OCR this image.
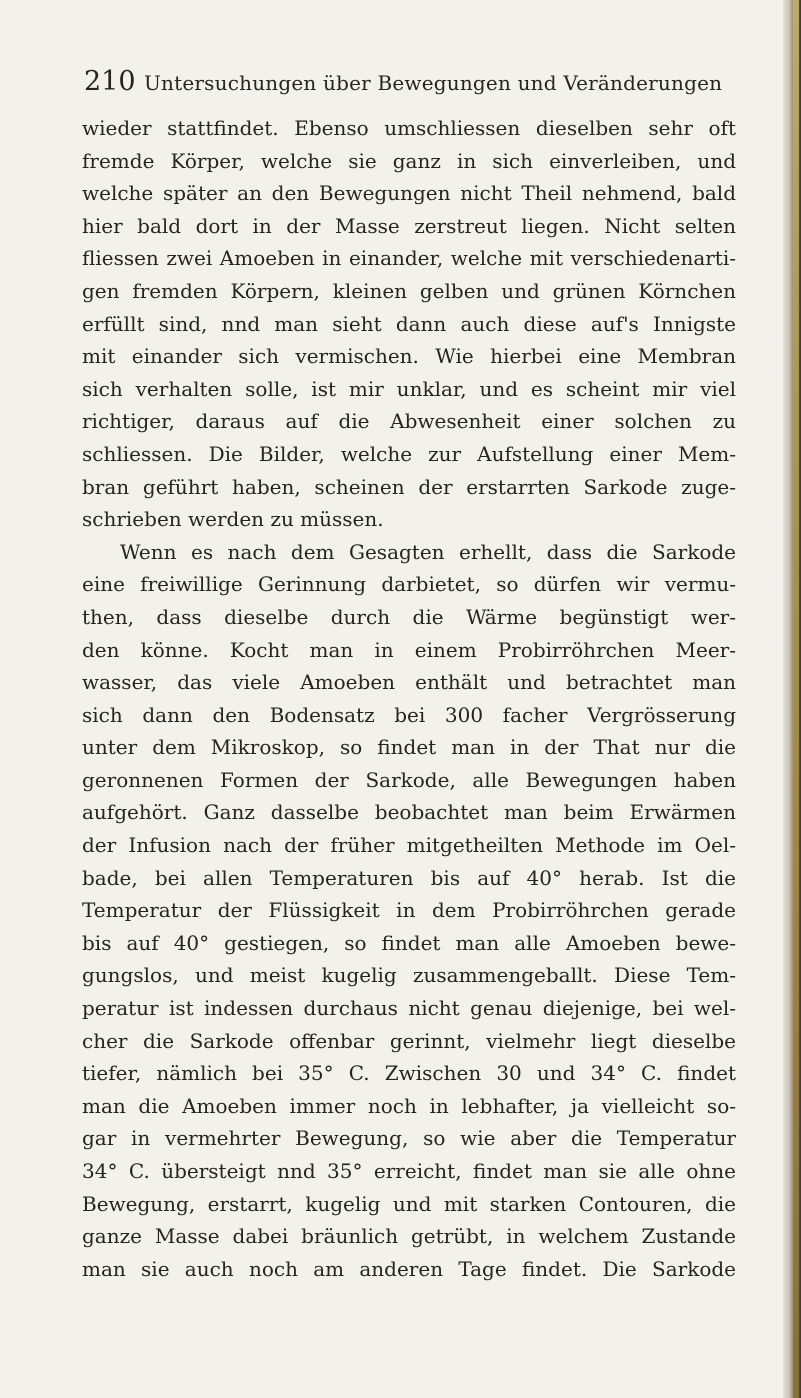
210 Untersuchungen über Bewegungen und Veränderungen
wieder stattfindet. Ebenso umschliessen dieselben sehr oft
fremde Körper, welche sie ganz in sich einverleiben, und
welche später an den Bewegungen nicht Theil nehmend, bald
hier bald dort in der Masse zerstreut liegen. Nicht selten
fliessen zwei Amoeben in einander, welche mit verschiedenarti-
gen fremden Körpern, kleinen gelben und grünen Körnchen
erfüllt sind, nnd man sieht dann auch diese auf's Innigste
mit einander sich vermischen. Wie hierbei eine Membran
sich verhalten solle, ist mir unklar, und es scheint mir viel
richtiger, daraus auf die Abwesenheit einer solchen zu
schliessen. Die Bilder, welche zur Aufstellung einer Mem-
bran geführt haben, scheinen der erstarrten Sarkode zuge-
schrieben werden zu müssen.
Wenn es nach dem Gesagten erhellt, dass die Sarkode
eine freiwillige Gerinnung darbietet, so dürfen wir vermu-
then, dass dieselbe durch die Wärme begünstigt wer-
den könne. Kocht man in einem Probirröhrchen Meer-
wasser, das viele Amoeben enthält und betrachtet man
sich dann den Bodensatz bei 300 facher Vergrösserung
unter dem Mikroskop, so findet man in der That nur die
geronnenen Formen der Sarkode, alle Bewegungen haben
aufgehört. Ganz dasselbe beobachtet man beim Erwärmen
der Infusion nach der früher mitgetheilten Methode im Oel-
bade, bei allen Temperaturen bis auf 40° herab. Ist die
Temperatur der Flüssigkeit in dem Probirröhrchen gerade
bis auf 40° gestiegen, so findet man alle Amoeben bewe-
gungslos, und meist kugelig zusammengeballt. Diese Tem-
peratur ist indessen durchaus nicht genau diejenige, bei wel-
cher die Sarkode offenbar gerinnt, vielmehr liegt dieselbe
tiefer, nämlich bei 35° C. Zwischen 30 und 34° C. findet
man die Amoeben immer noch in lebhafter, ja vielleicht so-
gar in vermehrter Bewegung, so wie aber die Temperatur
34° C. übersteigt nnd 35° erreicht, findet man sie alle ohne
Bewegung, erstarrt, kugelig und mit starken Contouren, die
ganze Masse dabei bräunlich getrübt, in welchem Zustande
man sie auch noch am anderen Tage findet. Die Sarkode
